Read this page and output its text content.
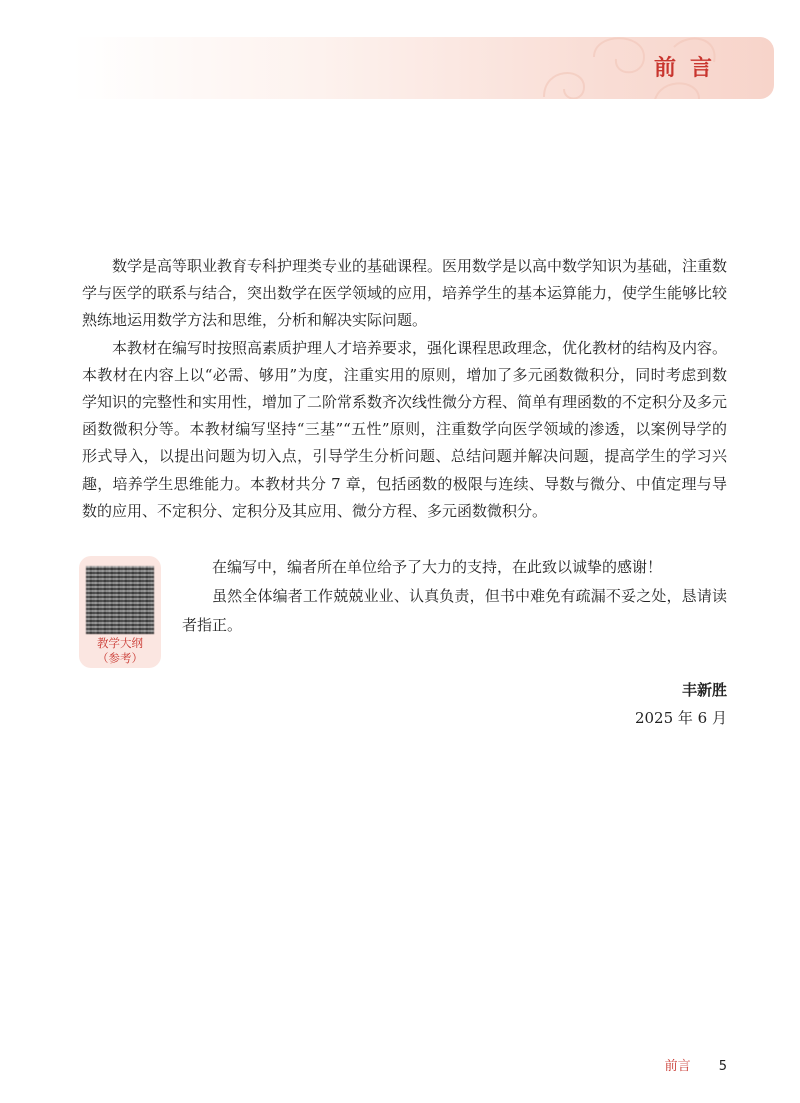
前言

数学是高等职业教育专科护理类专业的基础课程。医用数学是以高中数学知识为基础，注重数学与医学的联系与结合，突出数学在医学领域的应用，培养学生的基本运算能力，使学生能够比较熟练地运用数学方法和思维，分析和解决实际问题。

本教材在编写时按照高素质护理人才培养要求，强化课程思政理念，优化教材的结构及内容。本教材在内容上以“必需、够用”为度，注重实用的原则，增加了多元函数微积分，同时考虑到数学知识的完整性和实用性，增加了二阶常系数齐次线性微分方程、简单有理函数的不定积分及多元函数微积分等。本教材编写坚持“三基”“五性”原则，注重数学向医学领域的渗透，以案例导学的形式导入，以提出问题为切入点，引导学生分析问题、总结问题并解决问题，提高学生的学习兴趣，培养学生思维能力。本教材共分 7 章，包括函数的极限与连续、导数与微分、中值定理与导数的应用、不定积分、定积分及其应用、微分方程、多元函数微积分。

教学大纲
（参考）

在编写中，编者所在单位给予了大力的支持，在此致以诚挚的感谢！

虽然全体编者工作兢兢业业、认真负责，但书中难免有疏漏不妥之处，恳请读者指正。

丰新胜
2025 年 6 月
前言 5
